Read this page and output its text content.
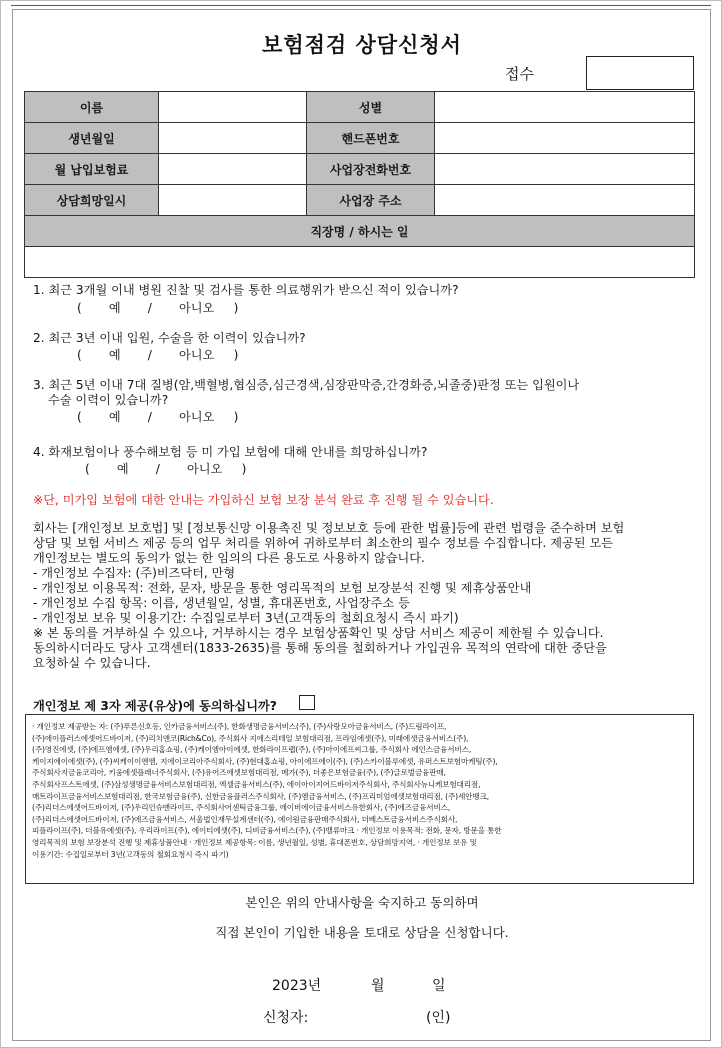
보험점검 상담신청서
접수
이름		성별	
생년월일		핸드폰번호	
월 납입보험료		사업장전화번호	
상담희망일시		사업장 주소	
직장명 / 하시는 일			

1. 최근 3개월 이내 병원 진찰 및 검사를 통한 의료행위가 받으신 적이 있습니까?
(       예       /       아니오     )
2. 최근 3년 이내 입원, 수술을 한 이력이 있습니까?
(       예       /       아니오     )
3. 최근 5년 이내 7대 질병(암,백혈병,협심증,심근경색,심장판막증,간경화증,뇌졸중)판정 또는 입원이나
수술 이력이 있습니까?
(       예       /       아니오     )
4. 화재보험이나 풍수해보험 등 미 가입 보험에 대해 안내를 희망하십니까?
(       예       /       아니오     )
※단, 미가입 보험에 대한 안내는 가입하신 보험 보장 분석 완료 후 진행 될 수 있습니다.
회사는 [개인정보 보호법] 및 [정보통신망 이용촉진 및 정보보호 등에 관한 법률]등에 관련 법령을 준수하며 보험
상담 및 보험 서비스 제공 등의 업무 처리를 위하여 귀하로부터 최소한의 필수 정보를 수집합니다. 제공된 모든
개인정보는 별도의 동의가 없는 한 임의의 다른 용도로 사용하지 않습니다.
- 개인정보 수집자: (주)비즈닥터, 만형
- 개인정보 이용목적: 전화, 문자, 방문을 통한 영리목적의 보험 보장분석 진행 및 제휴상품안내
- 개인정보 수집 항목: 이름, 생년월일, 성별, 휴대폰번호, 사업장주소 등
- 개인정보 보유 및 이용기간: 수집일로부터 3년(고객동의 철회요청시 즉시 파기)
※ 본 동의를 거부하실 수 있으나, 거부하시는 경우 보험상품확인 및 상담 서비스 제공이 제한될 수 있습니다.
동의하시더라도 당사 고객센터(1833-2635)를 통해 동의를 철회하거나 가입권유 목적의 연락에 대한 중단을
요청하실 수 있습니다.
개인정보 제 3자 제공(유상)에 동의하십니까?
· 개인정보 제공받는 자: (주)푸른신호등, 인카금융서비스(주), 한화생명금융서비스(주), (주)사랑모아금융서비스, (주)드림라이프,
(주)에이플러스에셋어드바이저, (주)리치앤코(Rich&Co), 주식회사 지에스리테일 보험대리점, 프라임에셋(주), 미래에셋금융서비스(주),
(주)영진에셋, (주)에프엠에셋, (주)우리홈쇼핑, (주)케이엠아이에셋, 한화라이프랩(주), (주)아이에프씨그룹, 주식회사 에인스금융서비스,
케이지에이에셋(주), (주)씨케이이엔엠, 지에이코리아주식회사, (주)현대홈쇼핑, 아이에프에이(주), (주)스카이블루에셋, 유퍼스트보험마케팅(주),
주식회사지금융코리아, 키움에셋플래너주식회사, (주)유어즈에셋보험대리점, 메가(주), 더좋은보험금융(주), (주)글로벌금융판매,
주식회사프스트에셋, (주)삼성생명금융서비스보험대리점, 엑셀금융서비스(주), 에이아이지어드바이저주식회사, 주식회사뉴니케보험대리점,
매트라이프금융서비스보험대리점, 한국보험금융(주), 신한금융플러스주식회사, (주)엠금융서비스, (주)프리미엄에셋보험대리점, (주)세안뱅크,
(주)리더스에셋어드바이저, (주)우리인슈맨라이프, 주식회사어센틱금융그룹, 에이비에이금융서비스유한회사, (주)에즈금융서비스,
(주)리더스에셋어드바이저, (주)에즈금융서비스, 서울법인재무설계센터(주), 에이원금융판매주식회사, 더베스트금융서비스주식회사,
피플라이프(주), 더블유에셋(주), 우리라이프(주), 에이티에셋(주), 디비금융서비스(주), (주)밸류마크 · 개인정보 이용목적: 전화, 문자, 방문을 통한
영리목적의 보험 보장분석 진행 및 제휴상품안내 · 개인정보 제공항목: 이름, 생년월일, 성별, 휴대폰번호, 상담희망지역, · 개인정보 보유 및
이용기간: 수집일로부터 3년(고객동의 철회요청시 즉시 파기)
본인은 위의 안내사항을 숙지하고 동의하며
직접 본인이 기입한 내용을 토대로 상담을 신청합니다.
2023년	월	일
신청자:	(인)
